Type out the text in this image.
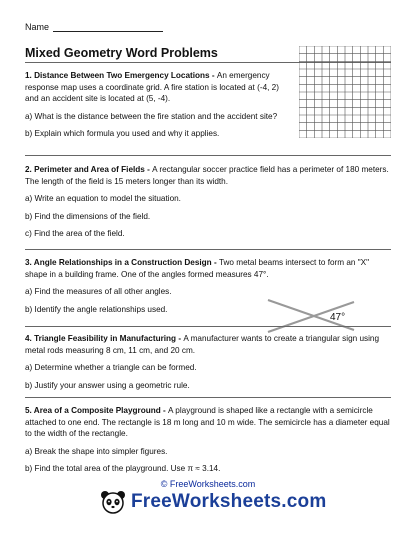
Name
Mixed Geometry Word Problems

1. Distance Between Two Emergency Locations - An emergency response map uses a coordinate grid. A fire station is located at (-4, 2) and an accident site is located at (5, -4).

a) What is the distance between the fire station and the accident site?

b) Explain which formula you used and why it applies.

2. Perimeter and Area of Fields - A rectangular soccer practice field has a perimeter of 180 meters. The length of the field is 15 meters longer than its width.

a) Write an equation to model the situation.

b) Find the dimensions of the field.

c) Find the area of the field.

3. Angle Relationships in a Construction Design - Two metal beams intersect to form an "X" shape in a building frame. One of the angles formed measures 47°.

a) Find the measures of all other angles.

b) Identify the angle relationships used.

47°

4. Triangle Feasibility in Manufacturing - A manufacturer wants to create a triangular sign using metal rods measuring 8 cm, 11 cm, and 20 cm.

a) Determine whether a triangle can be formed.

b) Justify your answer using a geometric rule.

5. Area of a Composite Playground - A playground is shaped like a rectangle with a semicircle attached to one end. The rectangle is 18 m long and 10 m wide. The semicircle has a diameter equal to the width of the rectangle.

a) Break the shape into simpler figures.

b) Find the total area of the playground. Use π ≈ 3.14.

© FreeWorksheets.com
FreeWorksheets.com
